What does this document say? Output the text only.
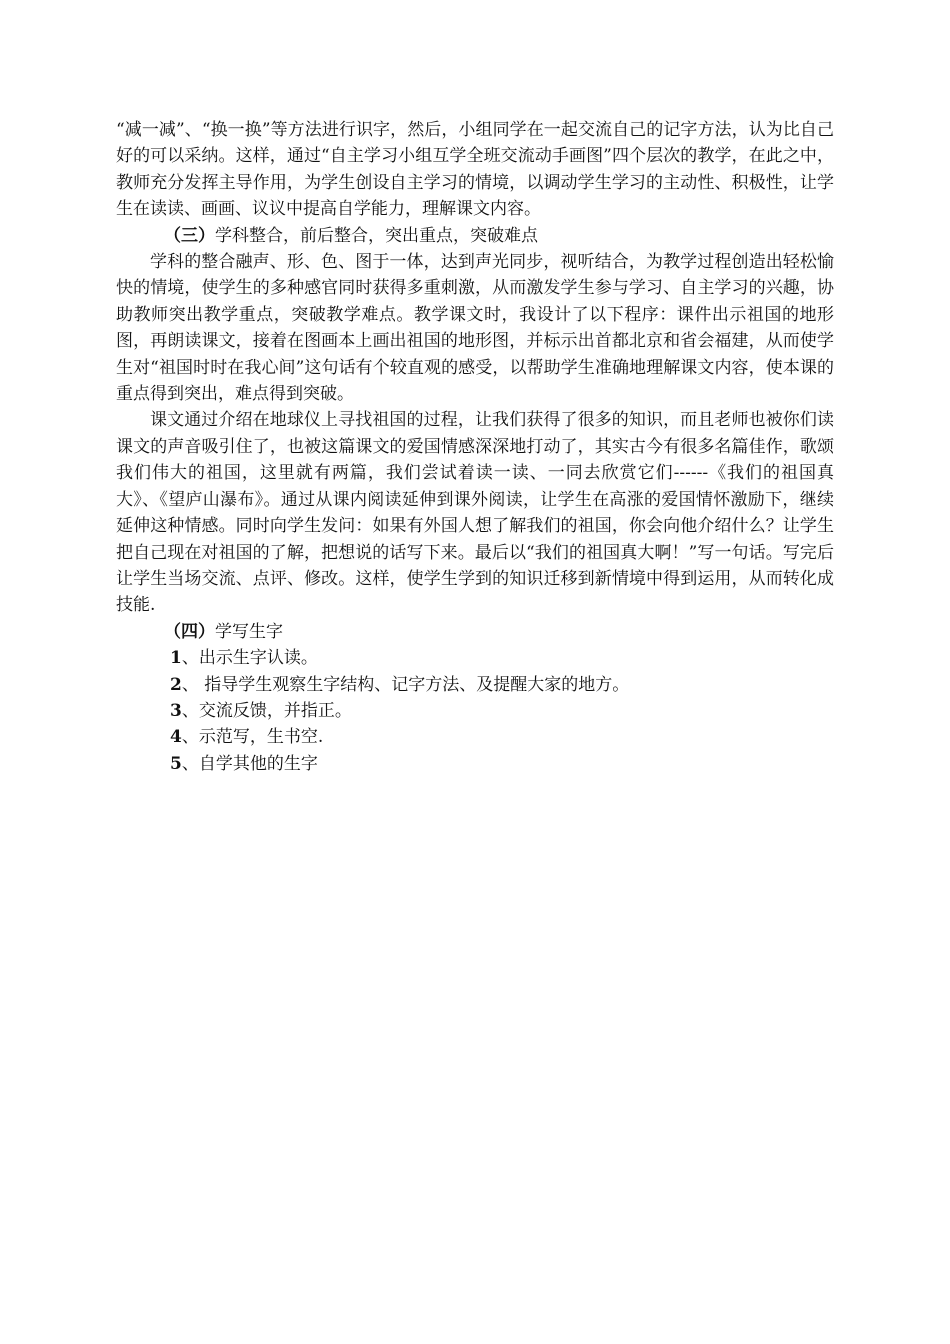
“减一减”、“换一换”等方法进行识字，然后，小组同学在一起交流自己的记字方法，认为比自己好的可以采纳。这样，通过“自主学习小组互学全班交流动手画图”四个层次的教学，在此之中，教师充分发挥主导作用，为学生创设自主学习的情境，以调动学生学习的主动性、积极性，让学生在读读、画画、议议中提高自学能力，理解课文内容。

（三）学科整合，前后整合，突出重点，突破难点

学科的整合融声、形、色、图于一体，达到声光同步，视听结合，为教学过程创造出轻松愉快的情境，使学生的多种感官同时获得多重刺激，从而激发学生参与学习、自主学习的兴趣，协助教师突出教学重点，突破教学难点。教学课文时，我设计了以下程序：课件出示祖国的地形图，再朗读课文，接着在图画本上画出祖国的地形图，并标示出首都北京和省会福建，从而使学生对“祖国时时在我心间”这句话有个较直观的感受，以帮助学生准确地理解课文内容，使本课的重点得到突出，难点得到突破。

课文通过介绍在地球仪上寻找祖国的过程，让我们获得了很多的知识，而且老师也被你们读课文的声音吸引住了，也被这篇课文的爱国情感深深地打动了，其实古今有很多名篇佳作，歌颂我们伟大的祖国，这里就有两篇，我们尝试着读一读、一同去欣赏它们------《我们的祖国真大》、《望庐山瀑布》。通过从课内阅读延伸到课外阅读，让学生在高涨的爱国情怀激励下，继续延伸这种情感。同时向学生发问：如果有外国人想了解我们的祖国，你会向他介绍什么？让学生把自己现在对祖国的了解，把想说的话写下来。最后以“我们的祖国真大啊！”写一句话。写完后让学生当场交流、点评、修改。这样，使学生学到的知识迁移到新情境中得到运用，从而转化成技能.

（四）学写生字

1、出示生字认读。

2、 指导学生观察生字结构、记字方法、及提醒大家的地方。

3、交流反馈，并指正。

4、示范写，生书空.

5、自学其他的生字
